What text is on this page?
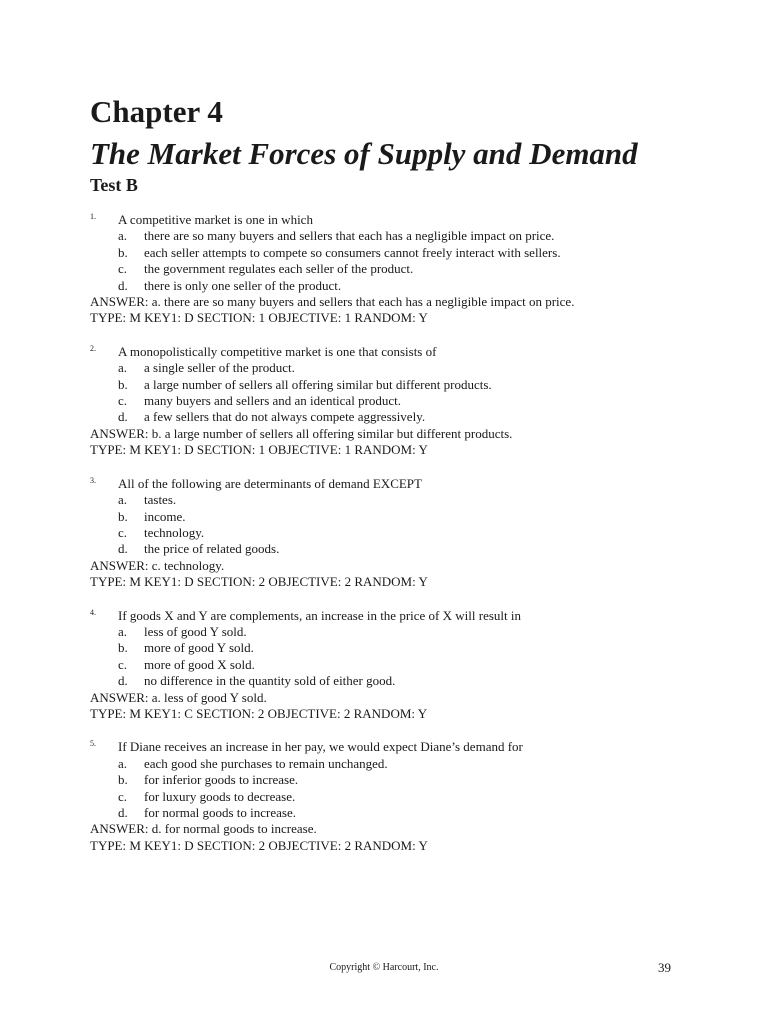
Chapter 4
The Market Forces of Supply and Demand
Test B
1.	A competitive market is one in which
a.	there are so many buyers and sellers that each has a negligible impact on price.
b.	each seller attempts to compete so consumers cannot freely interact with sellers.
c.	the government regulates each seller of the product.
d.	there is only one seller of the product.
ANSWER: a. there are so many buyers and sellers that each has a negligible impact on price.
TYPE: M KEY1: D SECTION: 1 OBJECTIVE: 1 RANDOM: Y
2.	A monopolistically competitive market is one that consists of
a.	a single seller of the product.
b.	a large number of sellers all offering similar but different products.
c.	many buyers and sellers and an identical product.
d.	a few sellers that do not always compete aggressively.
ANSWER: b. a large number of sellers all offering similar but different products.
TYPE: M KEY1: D SECTION: 1 OBJECTIVE: 1 RANDOM: Y
3.	All of the following are determinants of demand EXCEPT
a.	tastes.
b.	income.
c.	technology.
d.	the price of related goods.
ANSWER: c. technology.
TYPE: M KEY1: D SECTION: 2 OBJECTIVE: 2 RANDOM: Y
4.	If goods X and Y are complements, an increase in the price of X will result in
a.	less of good Y sold.
b.	more of good Y sold.
c.	more of good X sold.
d.	no difference in the quantity sold of either good.
ANSWER: a. less of good Y sold.
TYPE: M KEY1: C SECTION: 2 OBJECTIVE: 2 RANDOM: Y
5.	If Diane receives an increase in her pay, we would expect Diane’s demand for
a.	each good she purchases to remain unchanged.
b.	for inferior goods to increase.
c.	for luxury goods to decrease.
d.	for normal goods to increase.
ANSWER: d. for normal goods to increase.
TYPE: M KEY1: D SECTION: 2 OBJECTIVE: 2 RANDOM: Y
Copyright © Harcourt, Inc.	39
